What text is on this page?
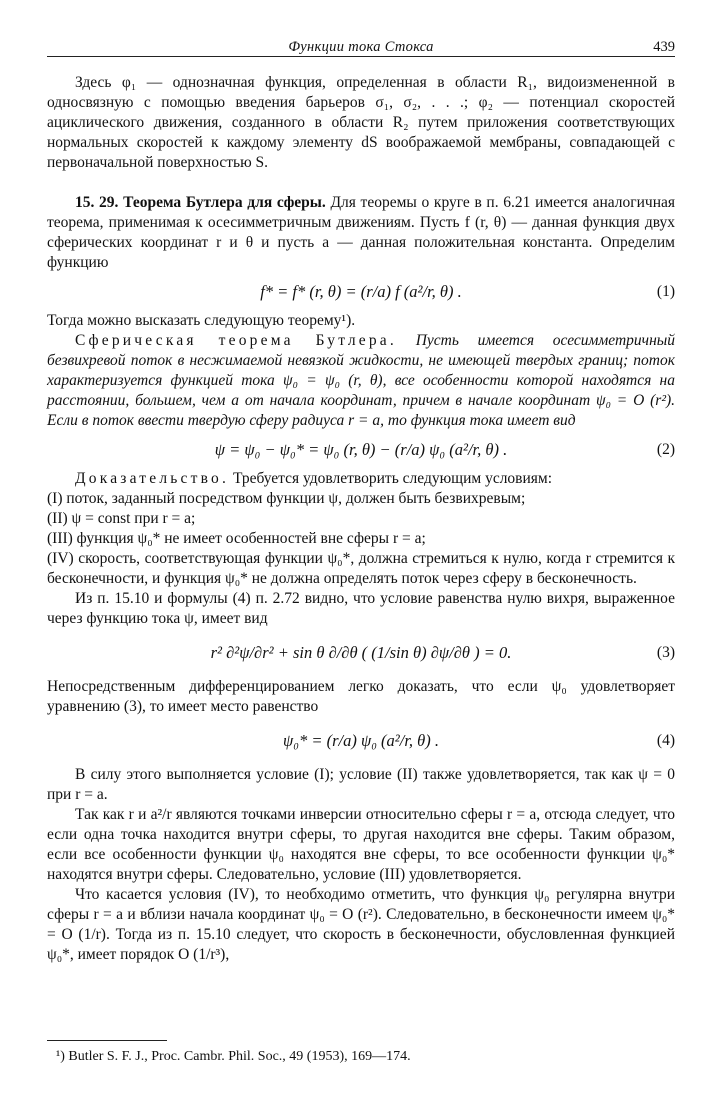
Функции тока Стокса	439

Здесь φ₁ — однозначная функция, определенная в области R₁, видоизмененной в односвязную с помощью введения барьеров σ₁, σ₂, . . .; φ₂ — потенциал скоростей ациклического движения, созданного в области R₂ путем приложения соответствующих нормальных скоростей к каждому элементу dS воображаемой мембраны, совпадающей с первоначальной поверхностью S.

15. 29. Теорема Бутлера для сферы. Для теоремы о круге в п. 6.21 имеется аналогичная теорема, применимая к осесимметричным движениям. Пусть f (r, θ) — данная функция двух сферических координат r и θ и пусть a — данная положительная константа. Определим функцию

f* = f* (r, θ) = (r/a) f (a²/r, θ) .	(1)

Тогда можно высказать следующую теорему¹).

Сферическая теорема Бутлера. Пусть имеется осесимметричный безвихревой поток в несжимаемой невязкой жидкости, не имеющей твердых границ; поток характеризуется функцией тока ψ₀ = ψ₀ (r, θ), все особенности которой находятся на расстоянии, большем, чем a от начала координат, причем в начале координат ψ₀ = O (r²). Если в поток ввести твердую сферу радиуса r = a, то функция тока имеет вид

ψ = ψ₀ − ψ₀* = ψ₀ (r, θ) − (r/a) ψ₀ (a²/r, θ) .	(2)

Доказательство. Требуется удовлетворить следующим условиям:

(I) поток, заданный посредством функции ψ, должен быть безвихревым;

(II) ψ = const при r = a;

(III) функция ψ₀* не имеет особенностей вне сферы r = a;

(IV) скорость, соответствующая функции ψ₀*, должна стремиться к нулю, когда r стремится к бесконечности, и функция ψ₀* не должна определять поток через сферу в бесконечность.

Из п. 15.10 и формулы (4) п. 2.72 видно, что условие равенства нулю вихря, выраженное через функцию тока ψ, имеет вид

r² ∂²ψ/∂r² + sin θ ∂/∂θ ( (1/sin θ) ∂ψ/∂θ ) = 0.	(3)

Непосредственным дифференцированием легко доказать, что если ψ₀ удовлетворяет уравнению (3), то имеет место равенство

ψ₀* = (r/a) ψ₀ (a²/r, θ) .	(4)

В силу этого выполняется условие (I); условие (II) также удовлетворяется, так как ψ = 0 при r = a.

Так как r и a²/r являются точками инверсии относительно сферы r = a, отсюда следует, что если одна точка находится внутри сферы, то другая находится вне сферы. Таким образом, если все особенности функции ψ₀ находятся вне сферы, то все особенности функции ψ₀* находятся внутри сферы. Следовательно, условие (III) удовлетворяется.

Что касается условия (IV), то необходимо отметить, что функция ψ₀ регулярна внутри сферы r = a и вблизи начала координат ψ₀ = O (r²). Следовательно, в бесконечности имеем ψ₀* = O (1/r). Тогда из п. 15.10 следует, что скорость в бесконечности, обусловленная функцией ψ₀*, имеет порядок O (1/r³),

¹) Butler S. F. J., Proc. Cambr. Phil. Soc., 49 (1953), 169—174.
